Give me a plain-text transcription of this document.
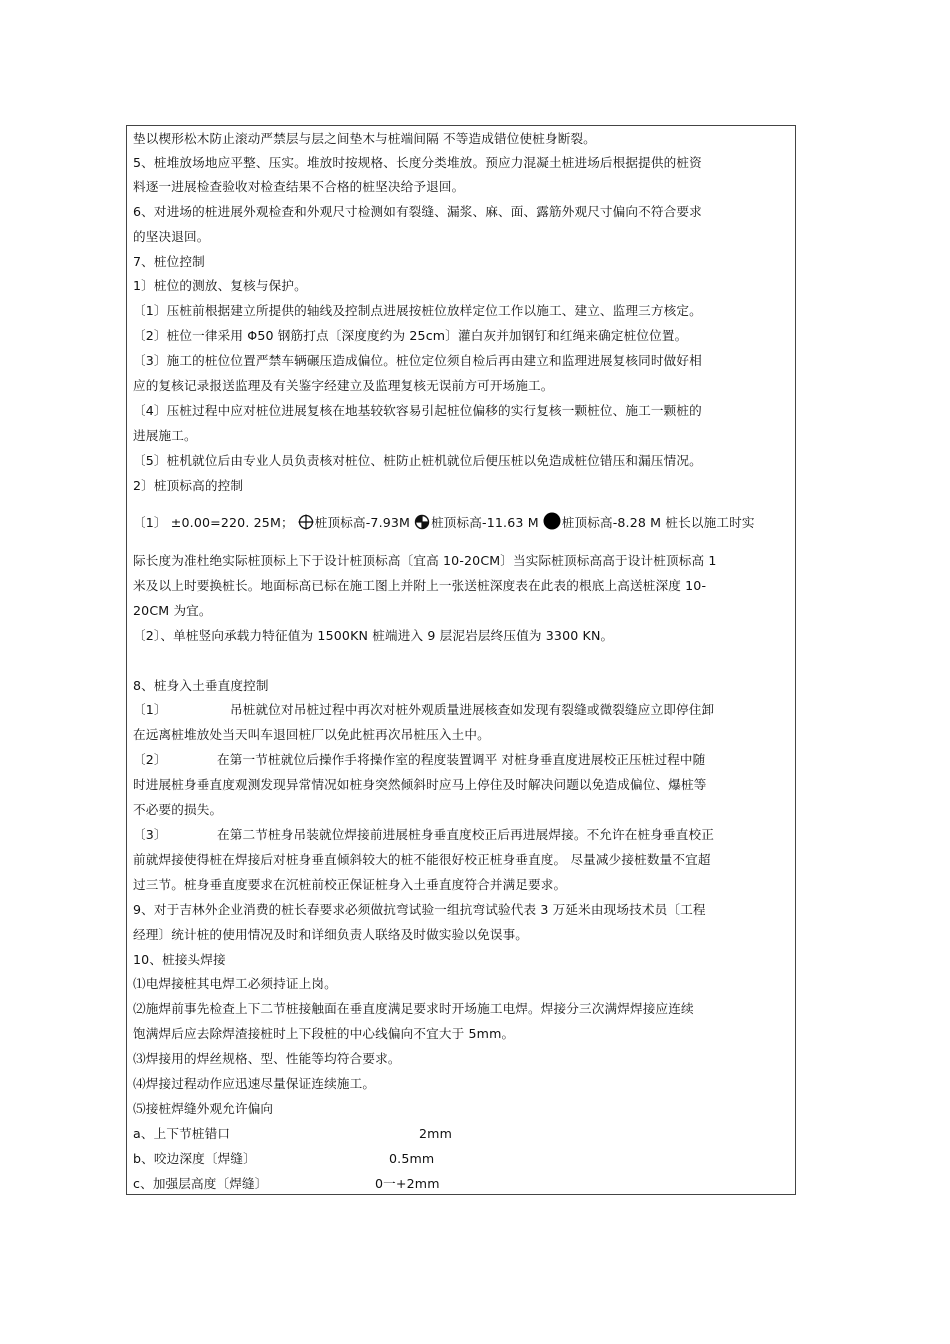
垫以楔形松木防止滚动严禁层与层之间垫木与桩端间隔 不等造成错位使桩身断裂。
5、桩堆放场地应平整、压实。堆放时按规格、长度分类堆放。预应力混凝土桩进场后根据提供的桩资
料逐一进展检查验收对检查结果不合格的桩坚决给予退回。
6、对进场的桩进展外观检查和外观尺寸检测如有裂缝、漏浆、麻、面、露筋外观尺寸偏向不符合要求
的坚决退回。
7、桩位控制
1〕桩位的测放、复核与保护。
〔1〕压桩前根据建立所提供的轴线及控制点进展按桩位放样定位工作以施工、建立、监理三方核定。
〔2〕桩位一律采用 Φ50 钢筋打点〔深度度约为 25cm〕灌白灰并加钢钉和红绳来确定桩位位置。
〔3〕施工的桩位位置严禁车辆碾压造成偏位。桩位定位须自检后再由建立和监理进展复核同时做好相
应的复核记录报送监理及有关鉴字经建立及监理复核无误前方可开场施工。
〔4〕压桩过程中应对桩位进展复核在地基较软容易引起桩位偏移的实行复核一颗桩位、施工一颗桩的
进展施工。
〔5〕桩机就位后由专业人员负责核对桩位、桩防止桩机就位后便压桩以免造成桩位错压和漏压情况。
2〕桩顶标高的控制
〔1〕 ±0.00=220. 25M； 桩顶标高-7.93M 桩顶标高-11.63 M 桩顶标高-8.28 M 桩长以施工时实
际长度为准杜绝实际桩顶标上下于设计桩顶标高〔宜高 10-20CM〕当实际桩顶标高高于设计桩顶标高 1
米及以上时要换桩长。地面标高已标在施工图上并附上一张送桩深度表在此表的根底上高送桩深度 10-
20CM 为宜。
〔2〕、单桩竖向承载力特征值为 1500KN 桩端进入 9 层泥岩层终压值为 3300 KN。
8、桩身入土垂直度控制
〔1〕	吊桩就位对吊桩过程中再次对桩外观质量进展核查如发现有裂缝或微裂缝应立即停住卸
在远离桩堆放处当天叫车退回桩厂以免此桩再次吊桩压入土中。
〔2〕	在第一节桩就位后操作手将操作室的程度装置调平 对桩身垂直度进展校正压桩过程中随
时进展桩身垂直度观测发现异常情况如桩身突然倾斜时应马上停住及时解决问题以免造成偏位、爆桩等
不必要的损失。
〔3〕	在第二节桩身吊装就位焊接前进展桩身垂直度校正后再进展焊接。不允许在桩身垂直校正
前就焊接使得桩在焊接后对桩身垂直倾斜较大的桩不能很好校正桩身垂直度。 尽量减少接桩数量不宜超
过三节。桩身垂直度要求在沉桩前校正保证桩身入土垂直度符合并满足要求。
9、对于吉林外企业消费的桩长春要求必须做抗弯试验一组抗弯试验代表 3 万延米由现场技术员〔工程
经理〕统计桩的使用情况及时和详细负责人联络及时做实验以免误事。
10、桩接头焊接
⑴电焊接桩其电焊工必须持证上岗。
⑵施焊前事先检查上下二节桩接触面在垂直度满足要求时开场施工电焊。焊接分三次满焊焊接应连续
饱满焊后应去除焊渣接桩时上下段桩的中心线偏向不宜大于 5mm。
⑶焊接用的焊丝规格、型、性能等均符合要求。
⑷焊接过程动作应迅速尽量保证连续施工。
⑸接桩焊缝外观允许偏向
a、上下节桩错口	2mm
b、咬边深度〔焊缝〕	0.5mm
c、加强层高度〔焊缝〕	0一+2mm
